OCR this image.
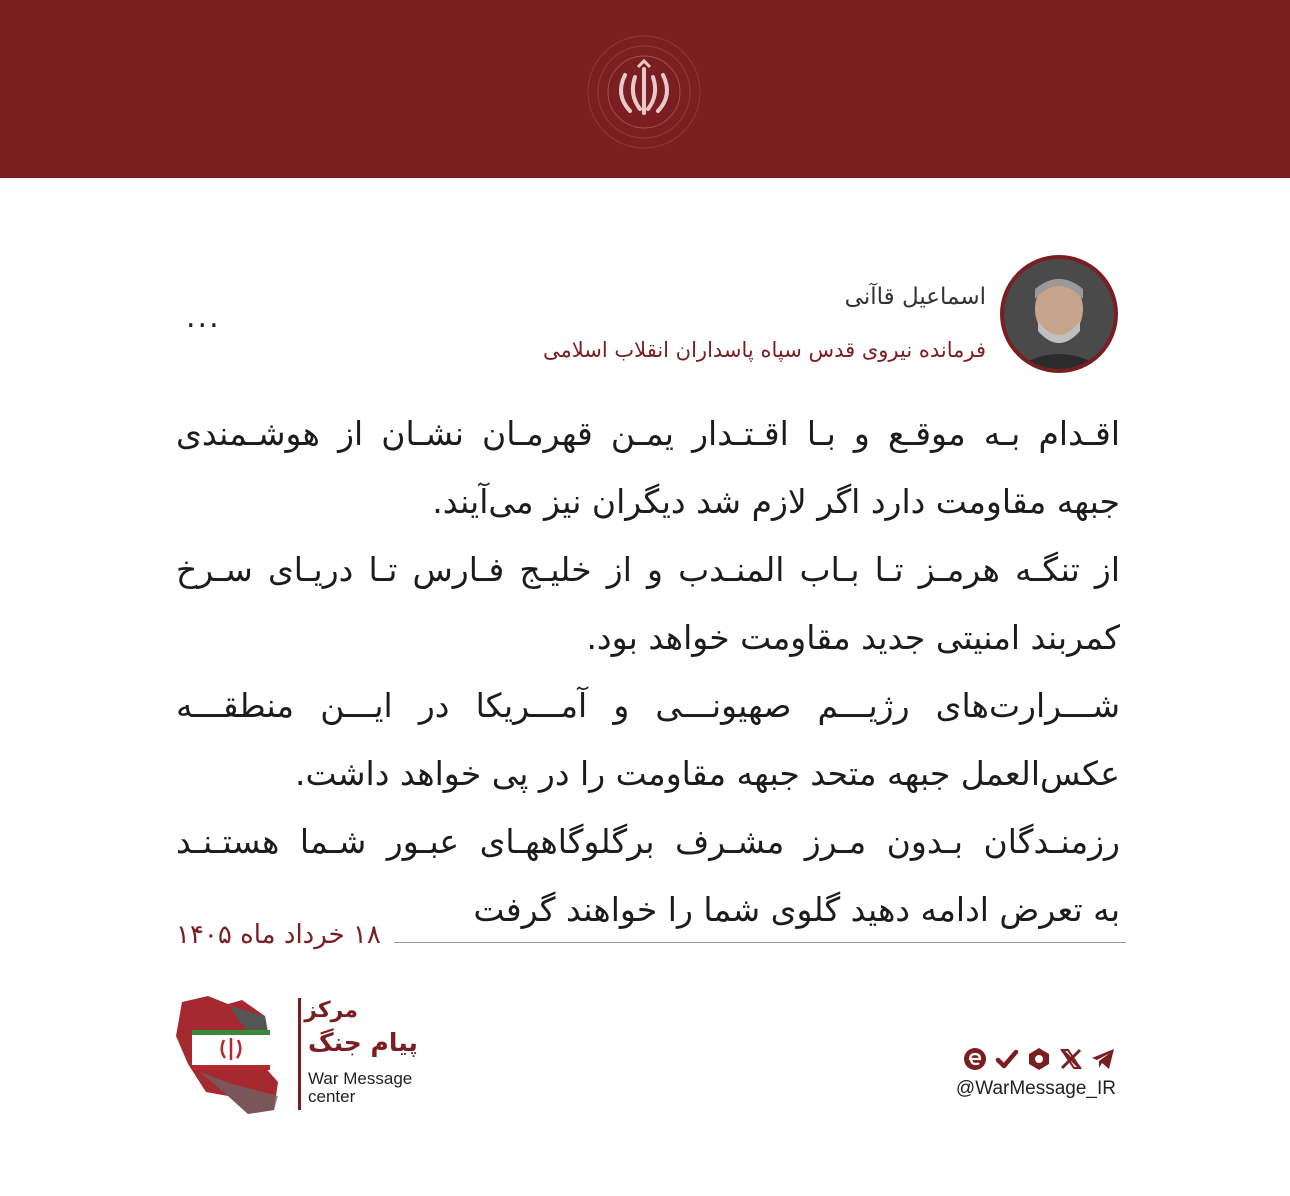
اسماعیل قاآنی
فرمانده نیروی قدس سپاه پاسداران انقلاب اسلامی
...
اقـدام بـه موقـع و بـا اقـتـدار یمـن قهرمـان نشـان از هوشـمندی
جبهه مقاومت دارد اگر لازم شد دیگران نیز می‌آیند.
از تنگـه هرمـز تـا بـاب المنـدب و از خلیـج فـارس تـا دریـای سـرخ
کمربند امنیتی جدید مقاومت خواهد بود.
شـــرارت‌های رژیـــم صهیونـــی و آمـــریکا در ایـــن منطقـــه
عکس‌العمل جبهه متحد جبهه مقاومت را در پی خواهد داشت.
رزمنـدگان بـدون مـرز مشـرف برگلوگاههـای عبـور شـما هستـنـد
به تعرض ادامه دهید گلوی شما را خواهند گرفت
۱۸ خرداد ماه ۱۴۰۵
مرکز
پیام جنگ
War Message
center	@WarMessage_IR
